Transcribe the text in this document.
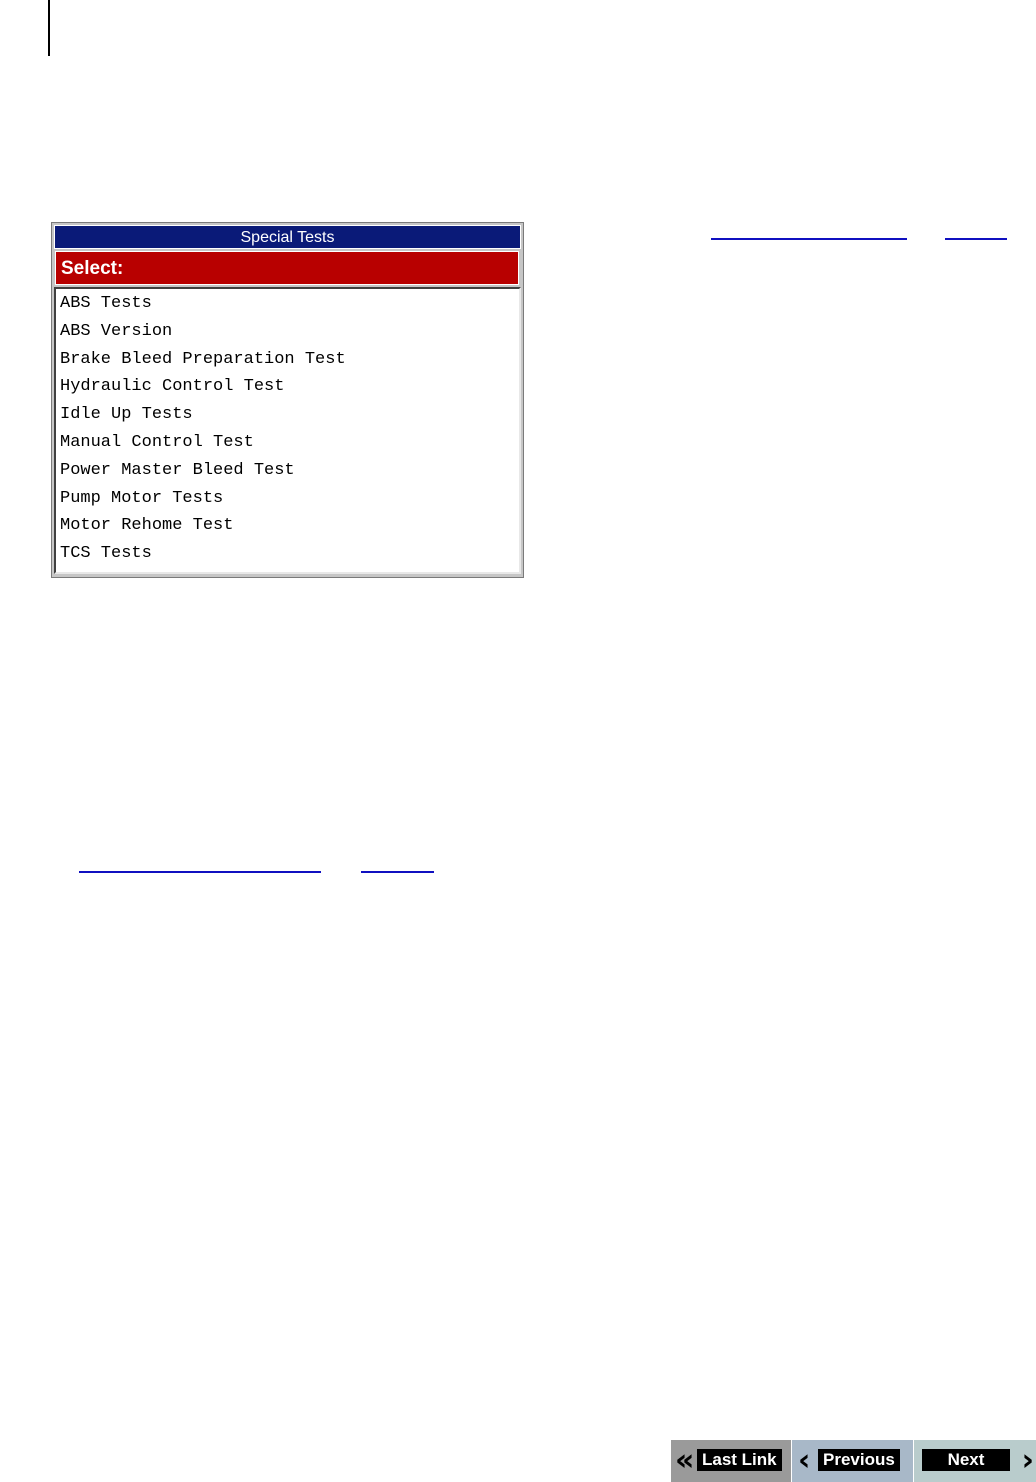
Special Tests
Select:
ABS Tests
ABS Version
Brake Bleed Preparation Test
Hydraulic Control Test
Idle Up Tests
Manual Control Test
Power Master Bleed Test
Pump Motor Tests
Motor Rehome Test
TCS Tests
« Last Link ‹ Previous	Next	›
